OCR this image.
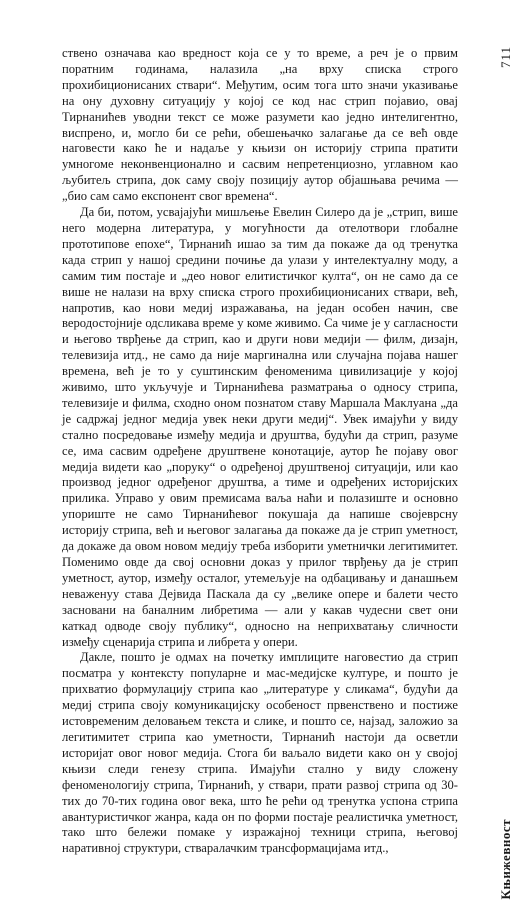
ствено означава као вредност која се у то време, а реч је о првим поратним годинама, налазила „на врху списка строго прохибиционисаних ствари“. Међутим, осим тога што значи указивање на ону духовну ситуацију у којој се код нас стрип појавио, овај Тирнанићев уводни текст се може разумети као једно интелигентно, виспрено, и, могло би се рећи, обешењачко залагање да се већ овде наговести како ће и надаље у књизи он историју стрипа пратити умногоме неконвенционално и сасвим непретенциозно, углавном као љубитељ стрипа, док саму своју позицију аутор објашњава речима — „био сам само експонент свог времена“.

Да би, потом, усвајајући мишљење Евелин Силеро да је „стрип, више него модерна литература, у могућности да отелотвори глобалне прототипове епохе“, Тирнанић ишао за тим да покаже да од тренутка када стрип у нашој средини почиње да улази у интелектуалну моду, а самим тим постаје и „део новог елитистичког култа“, он не само да се више не налази на врху списка строго прохибиционисаних ствари, већ, напротив, као нови медиј изражавања, на један особен начин, све веродостојније одсликава време у коме живимо. Са чиме је у сагласности и његово тврђење да стрип, као и други нови медији — филм, дизајн, телевизија итд., не само да није маргинална или случајна појава нашег времена, већ је то у суштинским феноменима цивилизације у којој живимо, што укључује и Тирнанићева разматрања о односу стрипа, телевизије и филма, сходно оном познатом ставу Маршала Маклуана „да је садржај једног медија увек неки други медиј“. Увек имајући у виду стално посредовање између медија и друштва, будући да стрип, разуме се, има сасвим одређене друштвене конотације, аутор ће појаву овог медија видети као „поруку“ о одређеној друштвеној ситуацији, или као производ једног одређеног друштва, а тиме и одређених историјских прилика. Управо у овим премисама ваља наћи и полазиште и основно упориште не само Тирнанићевог покушаја да напише својеврсну историју стрипа, већ и његовог залагања да покаже да је стрип уметност, да докаже да овом новом медију треба изборити уметнички легитимитет. Поменимо овде да свој основни доказ у прилог тврђењу да је стрип уметност, аутор, између осталог, утемељује на одбацивању и данашњем неваженуу става Дејвида Паскала да су „велике опере и балети често засновани на баналним либретима — али у какав чудесни свет они каткад одводе своју публику“, односно на неприхватању сличности између сценарија стрипа и либрета у опери.

Дакле, пошто је одмах на почетку имплиците наговестио да стрип посматра у контексту популарне и мас-медијске културе, и пошто је прихватио формулацију стрипа као „литературе у сликама“, будући да медиј стрипа своју комуникацијску особеност првенствено и постиже истовременим деловањем текста и слике, и поштo се, најзад, заложио за легитимитет стрипа као уметности, Тирнанић настоји да осветли историјат овог новог медија. Стога би ваљало видети како он у својој књизи следи генезу стрипа. Имајући стално у виду сложену феноменологију стрипа, Тирнанић, у ствари, прати развој стрипа од 30-тих до 70-тих година овог века, што ће рећи од тренутка успона стрипа авантуристичког жанра, када он по форми постаје реалистичка уметност, тако што бележи помаке у изражајној техници стрипа, његовој наративној структури, стваралачким трансформацијама итд.,

711
Књижевност
